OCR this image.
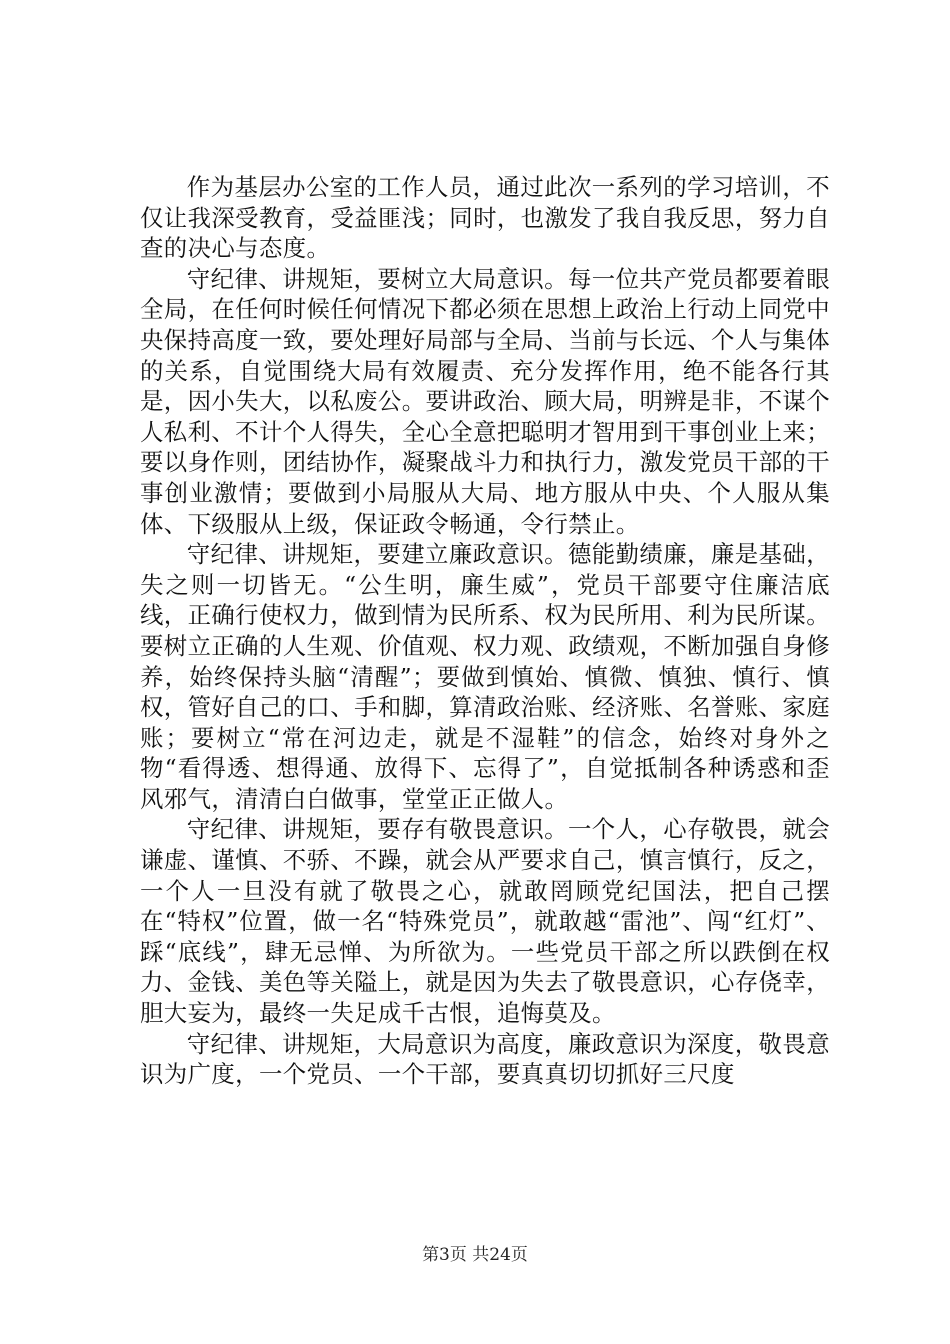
作为基层办公室的工作人员，通过此次一系列的学习培训，不仅让我深受教育，受益匪浅；同时，也激发了我自我反思，努力自查的决心与态度。

守纪律、讲规矩，要树立大局意识。每一位共产党员都要着眼全局，在任何时候任何情况下都必须在思想上政治上行动上同党中央保持高度一致，要处理好局部与全局、当前与长远、个人与集体的关系，自觉围绕大局有效履责、充分发挥作用，绝不能各行其是，因小失大，以私废公。要讲政治、顾大局，明辨是非，不谋个人私利、不计个人得失，全心全意把聪明才智用到干事创业上来；要以身作则，团结协作，凝聚战斗力和执行力，激发党员干部的干事创业激情；要做到小局服从大局、地方服从中央、个人服从集体、下级服从上级，保证政令畅通，令行禁止。

守纪律、讲规矩，要建立廉政意识。德能勤绩廉，廉是基础，失之则一切皆无。“公生明，廉生威”，党员干部要守住廉洁底线，正确行使权力，做到情为民所系、权为民所用、利为民所谋。要树立正确的人生观、价值观、权力观、政绩观，不断加强自身修养，始终保持头脑“清醒”；要做到慎始、慎微、慎独、慎行、慎权，管好自己的口、手和脚，算清政治账、经济账、名誉账、家庭账；要树立“常在河边走，就是不湿鞋”的信念，始终对身外之物“看得透、想得通、放得下、忘得了”，自觉抵制各种诱惑和歪风邪气，清清白白做事，堂堂正正做人。

守纪律、讲规矩，要存有敬畏意识。一个人，心存敬畏，就会谦虚、谨慎、不骄、不躁，就会从严要求自己，慎言慎行，反之，一个人一旦没有就了敬畏之心，就敢罔顾党纪国法，把自己摆在“特权”位置，做一名“特殊党员”，就敢越“雷池”、闯“红灯”、踩“底线”，肆无忌惮、为所欲为。一些党员干部之所以跌倒在权力、金钱、美色等关隘上，就是因为失去了敬畏意识，心存侥幸，胆大妄为，最终一失足成千古恨，追悔莫及。

守纪律、讲规矩，大局意识为高度，廉政意识为深度，敬畏意识为广度，一个党员、一个干部，要真真切切抓好三尺度

第3页 共24页
